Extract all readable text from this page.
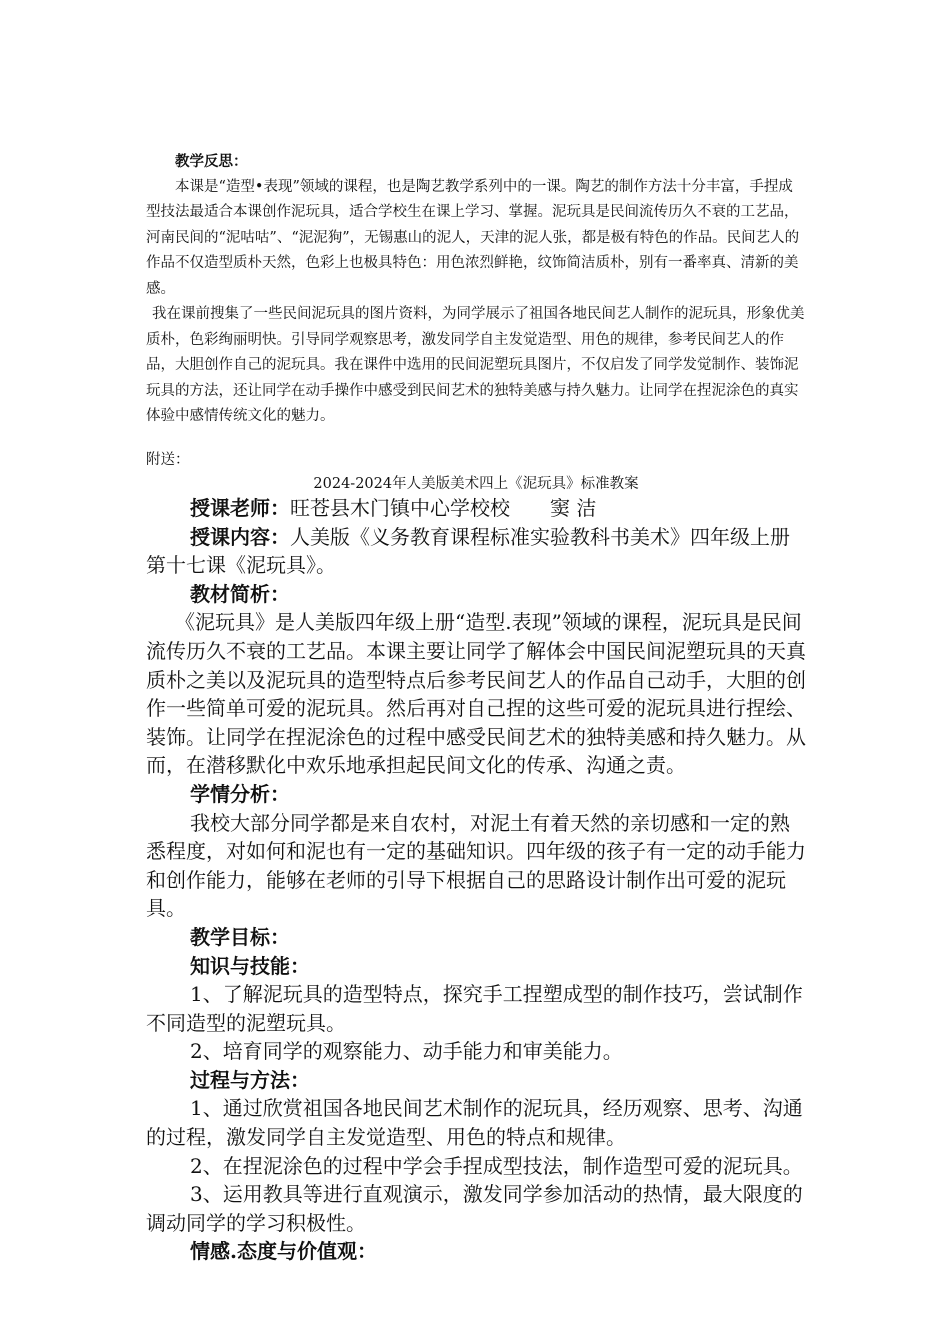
教学反思：

本课是“造型•表现”领域的课程，也是陶艺教学系列中的一课。陶艺的制作方法十分丰富，手捏成型技法最适合本课创作泥玩具，适合学校生在课上学习、掌握。泥玩具是民间流传历久不衰的工艺品，河南民间的“泥咕咕”、“泥泥狗”，无锡惠山的泥人，天津的泥人张，都是极有特色的作品。民间艺人的作品不仅造型质朴天然，色彩上也极具特色：用色浓烈鲜艳，纹饰简洁质朴，别有一番率真、清新的美感。

我在课前搜集了一些民间泥玩具的图片资料，为同学展示了祖国各地民间艺人制作的泥玩具，形象优美质朴，色彩绚丽明快。引导同学观察思考，激发同学自主发觉造型、用色的规律，参考民间艺人的作品，大胆创作自己的泥玩具。我在课件中选用的民间泥塑玩具图片，不仅启发了同学发觉制作、装饰泥玩具的方法，还让同学在动手操作中感受到民间艺术的独特美感与持久魅力。让同学在捏泥涂色的真实体验中感情传统文化的魅力。

附送：
2024-2024年人美版美术四上《泥玩具》标准教案

授课老师：旺苍县木门镇中心学校校　　窦 洁

授课内容：人美版《义务教育课程标准实验教科书美术》四年级上册第十七课《泥玩具》。

教材简析：

《泥玩具》是人美版四年级上册“造型.表现”领域的课程，泥玩具是民间流传历久不衰的工艺品。本课主要让同学了解体会中国民间泥塑玩具的天真质朴之美以及泥玩具的造型特点后参考民间艺人的作品自己动手，大胆的创作一些简单可爱的泥玩具。然后再对自己捏的这些可爱的泥玩具进行捏绘、装饰。让同学在捏泥涂色的过程中感受民间艺术的独特美感和持久魅力。从而，在潜移默化中欢乐地承担起民间文化的传承、沟通之责。

学情分析：

我校大部分同学都是来自农村，对泥土有着天然的亲切感和一定的熟悉程度，对如何和泥也有一定的基础知识。四年级的孩子有一定的动手能力和创作能力，能够在老师的引导下根据自己的思路设计制作出可爱的泥玩具。

教学目标：

知识与技能：

1、了解泥玩具的造型特点，探究手工捏塑成型的制作技巧，尝试制作不同造型的泥塑玩具。

2、培育同学的观察能力、动手能力和审美能力。

过程与方法：

1、通过欣赏祖国各地民间艺术制作的泥玩具，经历观察、思考、沟通的过程，激发同学自主发觉造型、用色的特点和规律。

2、在捏泥涂色的过程中学会手捏成型技法，制作造型可爱的泥玩具。

3、运用教具等进行直观演示，激发同学参加活动的热情，最大限度的调动同学的学习积极性。

情感.态度与价值观：
